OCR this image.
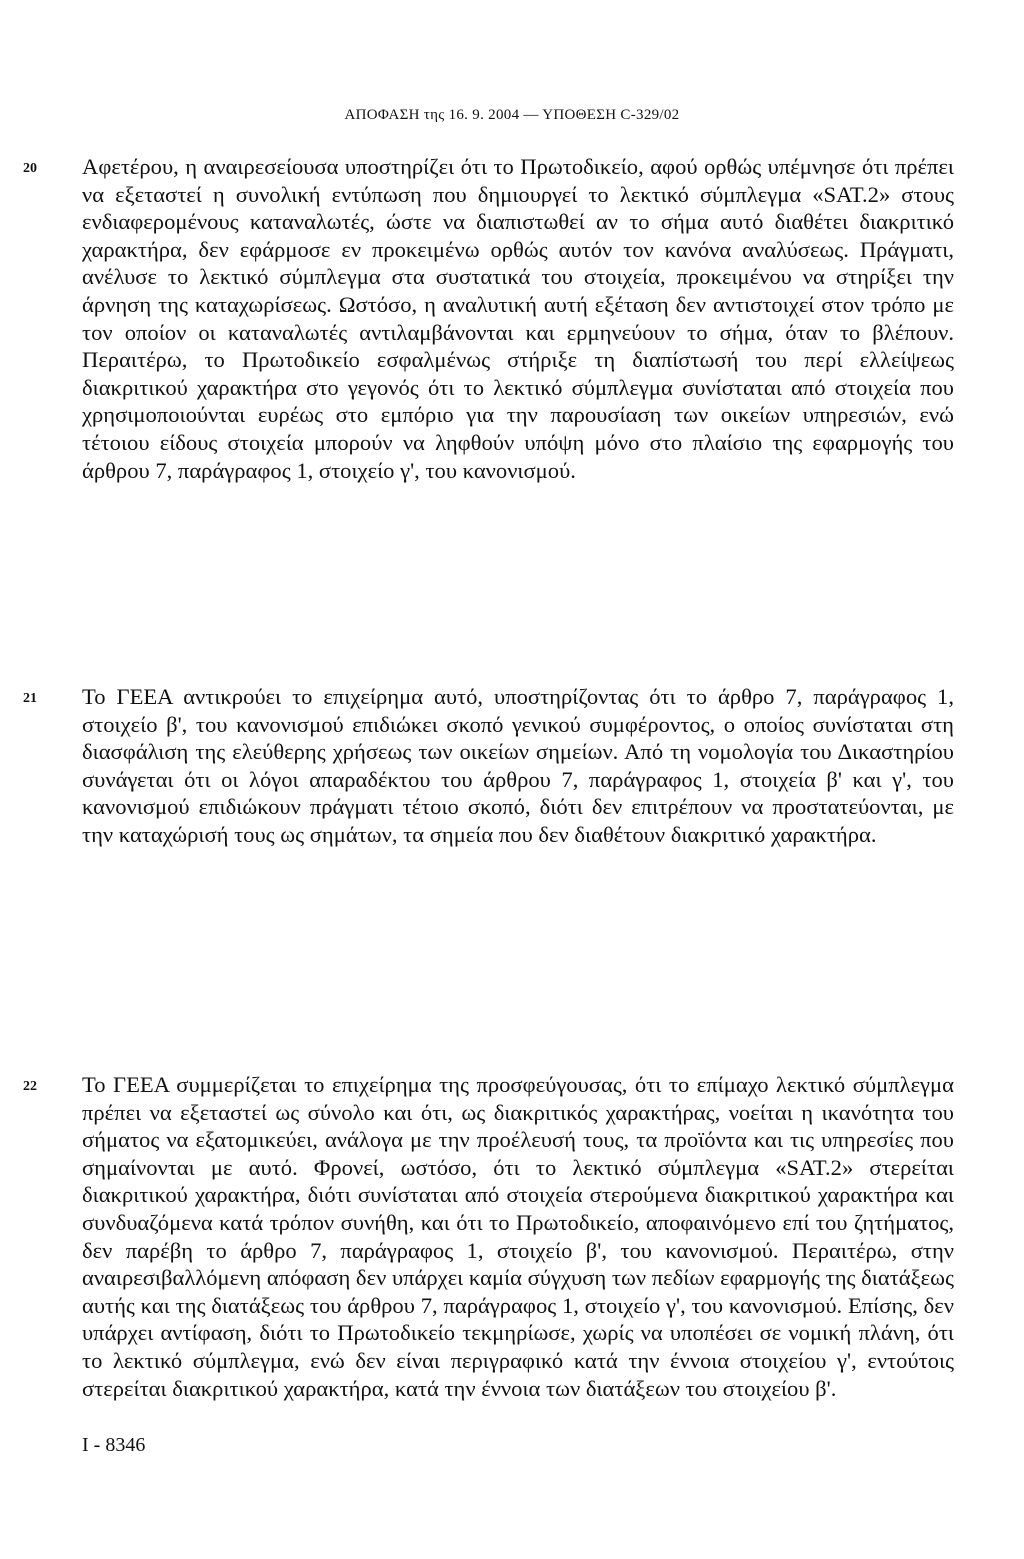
ΑΠΟΦΑΣΗ της 16. 9. 2004 — ΥΠΟΘΕΣΗ C-329/02
20 Αφετέρου, η αναιρεσείουσα υποστηρίζει ότι το Πρωτοδικείο, αφού ορθώς υπέμνησε ότι πρέπει να εξεταστεί η συνολική εντύπωση που δημιουργεί το λεκτικό σύμπλεγμα «SAT.2» στους ενδιαφερομένους καταναλωτές, ώστε να διαπιστωθεί αν το σήμα αυτό διαθέτει διακριτικό χαρακτήρα, δεν εφάρμοσε εν προκειμένω ορθώς αυτόν τον κανόνα αναλύσεως. Πράγματι, ανέλυσε το λεκτικό σύμπλεγμα στα συστατικά του στοιχεία, προκειμένου να στηρίξει την άρνηση της καταχωρίσεως. Ωστόσο, η αναλυτική αυτή εξέταση δεν αντιστοιχεί στον τρόπο με τον οποίον οι καταναλωτές αντιλαμβάνονται και ερμηνεύουν το σήμα, όταν το βλέπουν. Περαιτέρω, το Πρωτοδικείο εσφαλμένως στήριξε τη διαπίστωσή του περί ελλείψεως διακριτικού χαρακτήρα στο γεγονός ότι το λεκτικό σύμπλεγμα συνίσταται από στοιχεία που χρησιμοποιούνται ευρέως στο εμπόριο για την παρουσίαση των οικείων υπηρεσιών, ενώ τέτοιου είδους στοιχεία μπορούν να ληφθούν υπόψη μόνο στο πλαίσιο της εφαρμογής του άρθρου 7, παράγραφος 1, στοιχείο γ', του κανονισμού.

21 Το ΓΕΕΑ αντικρούει το επιχείρημα αυτό, υποστηρίζοντας ότι το άρθρο 7, παράγραφος 1, στοιχείο β', του κανονισμού επιδιώκει σκοπό γενικού συμφέροντος, ο οποίος συνίσταται στη διασφάλιση της ελεύθερης χρήσεως των οικείων σημείων. Από τη νομολογία του Δικαστηρίου συνάγεται ότι οι λόγοι απαραδέκτου του άρθρου 7, παράγραφος 1, στοιχεία β' και γ', του κανονισμού επιδιώκουν πράγματι τέτοιο σκοπό, διότι δεν επιτρέπουν να προστατεύονται, με την καταχώρισή τους ως σημάτων, τα σημεία που δεν διαθέτουν διακριτικό χαρακτήρα.

22 Το ΓΕΕΑ συμμερίζεται το επιχείρημα της προσφεύγουσας, ότι το επίμαχο λεκτικό σύμπλεγμα πρέπει να εξεταστεί ως σύνολο και ότι, ως διακριτικός χαρακτήρας, νοείται η ικανότητα του σήματος να εξατομικεύει, ανάλογα με την προέλευσή τους, τα προϊόντα και τις υπηρεσίες που σημαίνονται με αυτό. Φρονεί, ωστόσο, ότι το λεκτικό σύμπλεγμα «SAT.2» στερείται διακριτικού χαρακτήρα, διότι συνίσταται από στοιχεία στερούμενα διακριτικού χαρακτήρα και συνδυαζόμενα κατά τρόπον συνήθη, και ότι το Πρωτοδικείο, αποφαινόμενο επί του ζητήματος, δεν παρέβη το άρθρο 7, παράγραφος 1, στοιχείο β', του κανονισμού. Περαιτέρω, στην αναιρεσιβαλλόμενη απόφαση δεν υπάρχει καμία σύγχυση των πεδίων εφαρμογής της διατάξεως αυτής και της διατάξεως του άρθρου 7, παράγραφος 1, στοιχείο γ', του κανονισμού. Επίσης, δεν υπάρχει αντίφαση, διότι το Πρωτοδικείο τεκμηρίωσε, χωρίς να υποπέσει σε νομική πλάνη, ότι το λεκτικό σύμπλεγμα, ενώ δεν είναι περιγραφικό κατά την έννοια στοιχείου γ', εντούτοις στερείται διακριτικού χαρακτήρα, κατά την έννοια των διατάξεων του στοιχείου β'.

I - 8346
